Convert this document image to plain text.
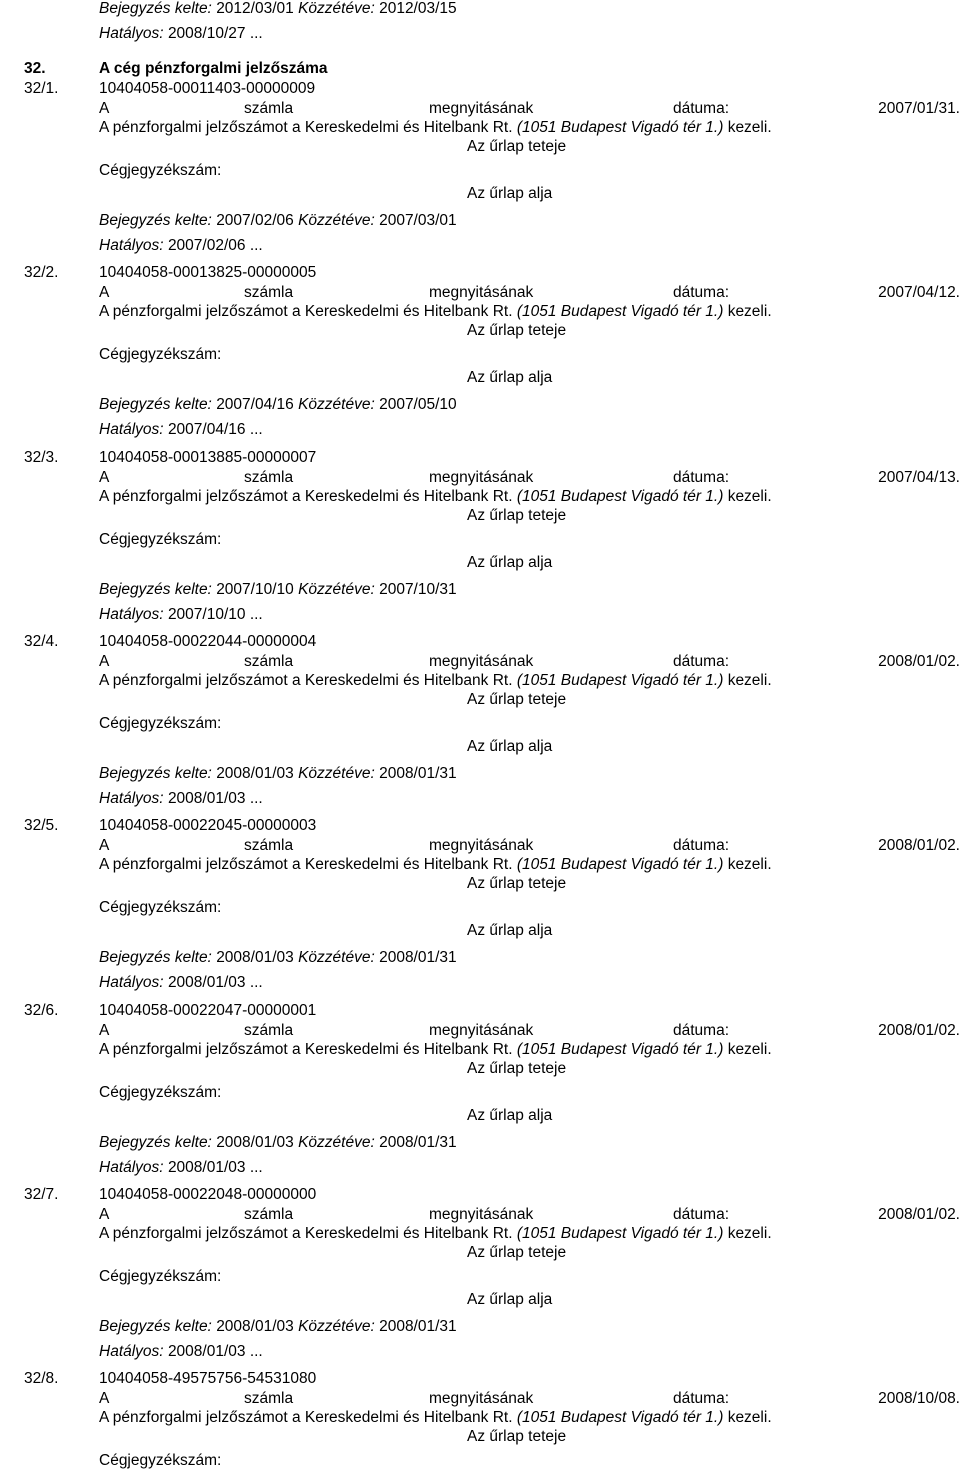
Bejegyzés kelte: 2012/03/01 Közzétéve: 2012/03/15
Hatályos: 2008/10/27 ...
32.	A cég pénzforgalmi jelzőszáma
32/1.	10404058-00011403-00000009
A	számla	megnyitásának	dátuma:	2007/01/31.
A pénzforgalmi jelzőszámot a Kereskedelmi és Hitelbank Rt. (1051 Budapest Vigadó tér 1.) kezeli.
Az űrlap teteje
Cégjegyzékszám:
Az űrlap alja
Bejegyzés kelte: 2007/02/06 Közzétéve: 2007/03/01
Hatályos: 2007/02/06 ...
32/2.	10404058-00013825-00000005
A	számla	megnyitásának	dátuma:	2007/04/12.
A pénzforgalmi jelzőszámot a Kereskedelmi és Hitelbank Rt. (1051 Budapest Vigadó tér 1.) kezeli.
Az űrlap teteje
Cégjegyzékszám:
Az űrlap alja
Bejegyzés kelte: 2007/04/16 Közzétéve: 2007/05/10
Hatályos: 2007/04/16 ...
32/3.	10404058-00013885-00000007
A	számla	megnyitásának	dátuma:	2007/04/13.
A pénzforgalmi jelzőszámot a Kereskedelmi és Hitelbank Rt. (1051 Budapest Vigadó tér 1.) kezeli.
Az űrlap teteje
Cégjegyzékszám:
Az űrlap alja
Bejegyzés kelte: 2007/10/10 Közzétéve: 2007/10/31
Hatályos: 2007/10/10 ...
32/4.	10404058-00022044-00000004
A	számla	megnyitásának	dátuma:	2008/01/02.
A pénzforgalmi jelzőszámot a Kereskedelmi és Hitelbank Rt. (1051 Budapest Vigadó tér 1.) kezeli.
Az űrlap teteje
Cégjegyzékszám:
Az űrlap alja
Bejegyzés kelte: 2008/01/03 Közzétéve: 2008/01/31
Hatályos: 2008/01/03 ...
32/5.	10404058-00022045-00000003
A	számla	megnyitásának	dátuma:	2008/01/02.
A pénzforgalmi jelzőszámot a Kereskedelmi és Hitelbank Rt. (1051 Budapest Vigadó tér 1.) kezeli.
Az űrlap teteje
Cégjegyzékszám:
Az űrlap alja
Bejegyzés kelte: 2008/01/03 Közzétéve: 2008/01/31
Hatályos: 2008/01/03 ...
32/6.	10404058-00022047-00000001
A	számla	megnyitásának	dátuma:	2008/01/02.
A pénzforgalmi jelzőszámot a Kereskedelmi és Hitelbank Rt. (1051 Budapest Vigadó tér 1.) kezeli.
Az űrlap teteje
Cégjegyzékszám:
Az űrlap alja
Bejegyzés kelte: 2008/01/03 Közzétéve: 2008/01/31
Hatályos: 2008/01/03 ...
32/7.	10404058-00022048-00000000
A	számla	megnyitásának	dátuma:	2008/01/02.
A pénzforgalmi jelzőszámot a Kereskedelmi és Hitelbank Rt. (1051 Budapest Vigadó tér 1.) kezeli.
Az űrlap teteje
Cégjegyzékszám:
Az űrlap alja
Bejegyzés kelte: 2008/01/03 Közzétéve: 2008/01/31
Hatályos: 2008/01/03 ...
32/8.	10404058-49575756-54531080
A	számla	megnyitásának	dátuma:	2008/10/08.
A pénzforgalmi jelzőszámot a Kereskedelmi és Hitelbank Rt. (1051 Budapest Vigadó tér 1.) kezeli.
Az űrlap teteje
Cégjegyzékszám:
